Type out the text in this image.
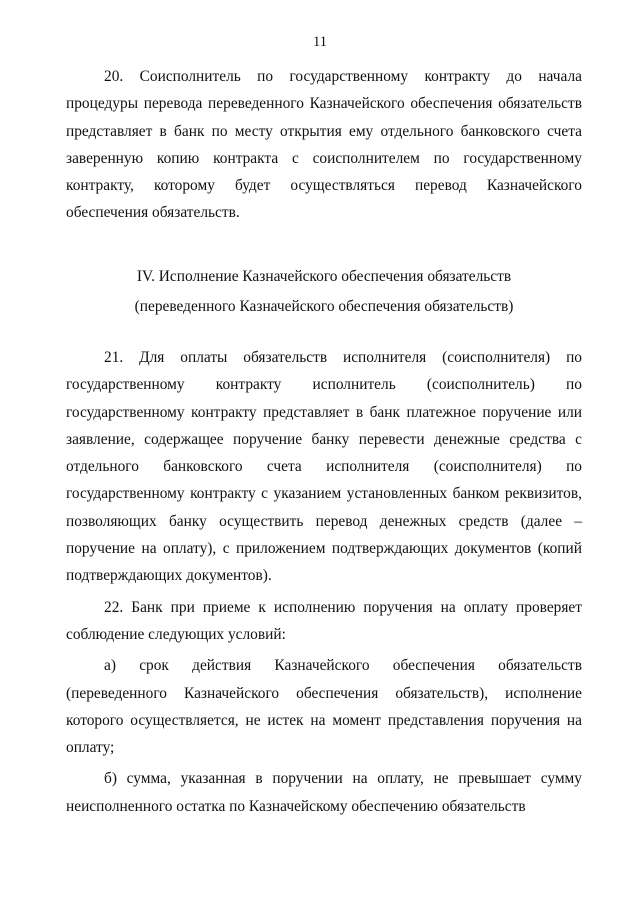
11

20. Соисполнитель по государственному контракту до начала процедуры перевода переведенного Казначейского обеспечения обязательств представляет в банк по месту открытия ему отдельного банковского счета заверенную копию контракта с соисполнителем по государственному контракту, которому будет осуществляться перевод Казначейского обеспечения обязательств.

IV. Исполнение Казначейского обеспечения обязательств
(переведенного Казначейского обеспечения обязательств)

21. Для оплаты обязательств исполнителя (соисполнителя) по государственному контракту исполнитель (соисполнитель) по государственному контракту представляет в банк платежное поручение или заявление, содержащее поручение банку перевести денежные средства с отдельного банковского счета исполнителя (соисполнителя) по государственному контракту с указанием установленных банком реквизитов, позволяющих банку осуществить перевод денежных средств (далее – поручение на оплату), с приложением подтверждающих документов (копий подтверждающих документов).

22. Банк при приеме к исполнению поручения на оплату проверяет соблюдение следующих условий:

а) срок действия Казначейского обеспечения обязательств (переведенного Казначейского обеспечения обязательств), исполнение которого осуществляется, не истек на момент представления поручения на оплату;

б) сумма, указанная в поручении на оплату, не превышает сумму неисполненного остатка по Казначейскому обеспечению обязательств
